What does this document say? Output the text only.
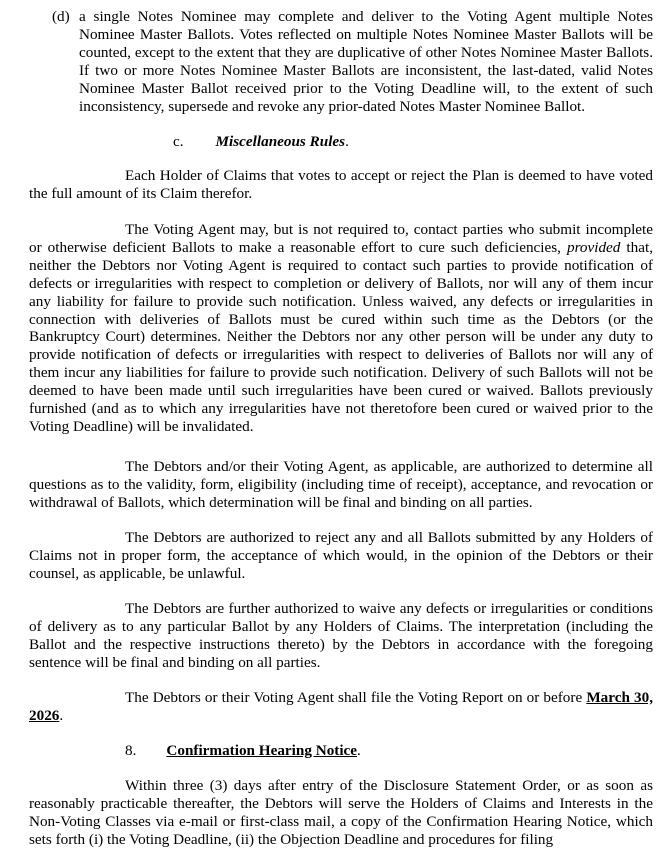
(d) a single Notes Nominee may complete and deliver to the Voting Agent multiple Notes Nominee Master Ballots. Votes reflected on multiple Notes Nominee Master Ballots will be counted, except to the extent that they are duplicative of other Notes Nominee Master Ballots. If two or more Notes Nominee Master Ballots are inconsistent, the last-dated, valid Notes Nominee Master Ballot received prior to the Voting Deadline will, to the extent of such inconsistency, supersede and revoke any prior-dated Notes Master Nominee Ballot.

c. Miscellaneous Rules.

Each Holder of Claims that votes to accept or reject the Plan is deemed to have voted the full amount of its Claim therefor.

The Voting Agent may, but is not required to, contact parties who submit incomplete or otherwise deficient Ballots to make a reasonable effort to cure such deficiencies, provided that, neither the Debtors nor Voting Agent is required to contact such parties to provide notification of defects or irregularities with respect to completion or delivery of Ballots, nor will any of them incur any liability for failure to provide such notification. Unless waived, any defects or irregularities in connection with deliveries of Ballots must be cured within such time as the Debtors (or the Bankruptcy Court) determines. Neither the Debtors nor any other person will be under any duty to provide notification of defects or irregularities with respect to deliveries of Ballots nor will any of them incur any liabilities for failure to provide such notification. Delivery of such Ballots will not be deemed to have been made until such irregularities have been cured or waived. Ballots previously furnished (and as to which any irregularities have not theretofore been cured or waived prior to the Voting Deadline) will be invalidated.

The Debtors and/or their Voting Agent, as applicable, are authorized to determine all questions as to the validity, form, eligibility (including time of receipt), acceptance, and revocation or withdrawal of Ballots, which determination will be final and binding on all parties.

The Debtors are authorized to reject any and all Ballots submitted by any Holders of Claims not in proper form, the acceptance of which would, in the opinion of the Debtors or their counsel, as applicable, be unlawful.

The Debtors are further authorized to waive any defects or irregularities or conditions of delivery as to any particular Ballot by any Holders of Claims. The interpretation (including the Ballot and the respective instructions thereto) by the Debtors in accordance with the foregoing sentence will be final and binding on all parties.

The Debtors or their Voting Agent shall file the Voting Report on or before March 30, 2026.

8. Confirmation Hearing Notice.

Within three (3) days after entry of the Disclosure Statement Order, or as soon as reasonably practicable thereafter, the Debtors will serve the Holders of Claims and Interests in the Non-Voting Classes via e-mail or first-class mail, a copy of the Confirmation Hearing Notice, which sets forth (i) the Voting Deadline, (ii) the Objection Deadline and procedures for filing
